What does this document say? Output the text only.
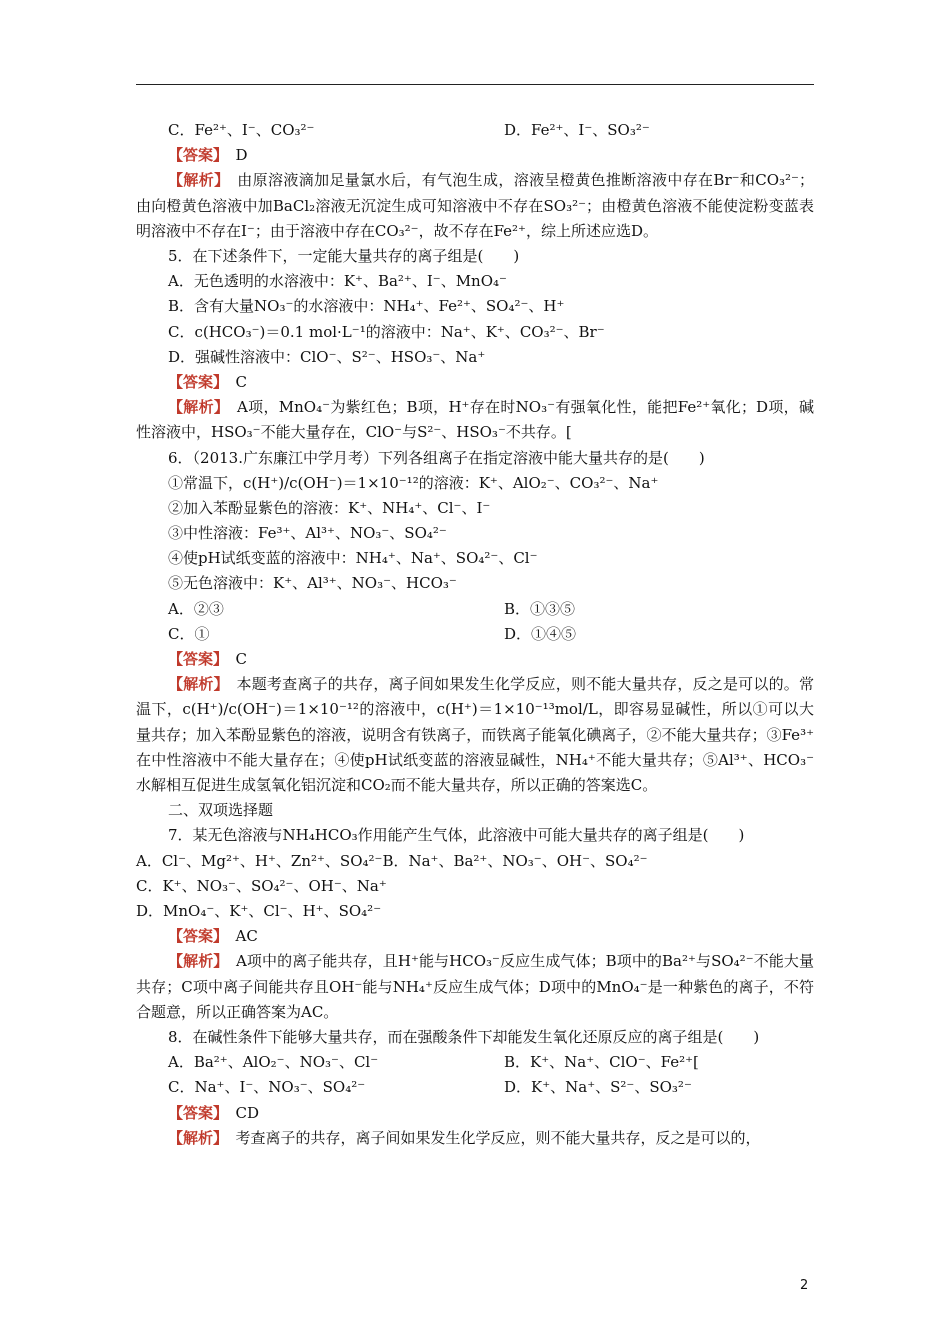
C．Fe²⁺、I⁻、CO₃²⁻	D．Fe²⁺、I⁻、SO₃²⁻
【答案】　 D
【解析】　 由原溶液滴加足量氯水后，有气泡生成，溶液呈橙黄色推断溶液中存在Br⁻和CO₃²⁻；由向橙黄色溶液中加BaCl₂溶液无沉淀生成可知溶液中不存在SO₃²⁻；由橙黄色溶液不能使淀粉变蓝表明溶液中不存在I⁻；由于溶液中存在CO₃²⁻，故不存在Fe²⁺，综上所述应选D。
5．在下述条件下，一定能大量共存的离子组是(　　)
A．无色透明的水溶液中：K⁺、Ba²⁺、I⁻、MnO₄⁻
B．含有大量NO₃⁻的水溶液中：NH₄⁺、Fe²⁺、SO₄²⁻、H⁺
C．c(HCO₃⁻)＝0.1 mol·L⁻¹的溶液中：Na⁺、K⁺、CO₃²⁻、Br⁻
D．强碱性溶液中：ClO⁻、S²⁻、HSO₃⁻、Na⁺
【答案】　 C
【解析】　 A项，MnO₄⁻为紫红色；B项，H⁺存在时NO₃⁻有强氧化性，能把Fe²⁺氧化；D项，碱性溶液中，HSO₃⁻不能大量存在，ClO⁻与S²⁻、HSO₃⁻不共存。[
6．（2013.广东廉江中学月考）下列各组离子在指定溶液中能大量共存的是(　　)
①常温下，c(H⁺)/c(OH⁻)＝1×10⁻¹²的溶液：K⁺、AlO₂⁻、CO₃²⁻、Na⁺
②加入苯酚显紫色的溶液：K⁺、NH₄⁺、Cl⁻、I⁻
③中性溶液：Fe³⁺、Al³⁺、NO₃⁻、SO₄²⁻
④使pH试纸变蓝的溶液中：NH₄⁺、Na⁺、SO₄²⁻、Cl⁻
⑤无色溶液中：K⁺、Al³⁺、NO₃⁻、HCO₃⁻
A．②③	B．①③⑤
C．①	D．①④⑤
【答案】　 C
【解析】　 本题考查离子的共存，离子间如果发生化学反应，则不能大量共存，反之是可以的。常温下，c(H⁺)/c(OH⁻)＝1×10⁻¹²的溶液中，c(H⁺)＝1×10⁻¹³mol/L，即容易显碱性，所以①可以大量共存；加入苯酚显紫色的溶液，说明含有铁离子，而铁离子能氧化碘离子，②不能大量共存；③Fe³⁺在中性溶液中不能大量存在；④使pH试纸变蓝的溶液显碱性，NH₄⁺不能大量共存；⑤Al³⁺、HCO₃⁻水解相互促进生成氢氧化铝沉淀和CO₂而不能大量共存，所以正确的答案选C。
二、双项选择题
7．某无色溶液与NH₄HCO₃作用能产生气体，此溶液中可能大量共存的离子组是(　　)
A．Cl⁻、Mg²⁺、H⁺、Zn²⁺、SO₄²⁻B．Na⁺、Ba²⁺、NO₃⁻、OH⁻、SO₄²⁻
C．K⁺、NO₃⁻、SO₄²⁻、OH⁻、Na⁺
D．MnO₄⁻、K⁺、Cl⁻、H⁺、SO₄²⁻
【答案】　 AC
【解析】　 A项中的离子能共存，且H⁺能与HCO₃⁻反应生成气体；B项中的Ba²⁺与SO₄²⁻不能大量共存；C项中离子间能共存且OH⁻能与NH₄⁺反应生成气体；D项中的MnO₄⁻是一种紫色的离子，不符合题意，所以正确答案为AC。
8．在碱性条件下能够大量共存，而在强酸条件下却能发生氧化还原反应的离子组是(　　)
A．Ba²⁺、AlO₂⁻、NO₃⁻、Cl⁻	B．K⁺、Na⁺、ClO⁻、Fe²⁺[
C．Na⁺、I⁻、NO₃⁻、SO₄²⁻	D．K⁺、Na⁺、S²⁻、SO₃²⁻
【答案】　 CD
【解析】　 考查离子的共存，离子间如果发生化学反应，则不能大量共存，反之是可以的，
2
